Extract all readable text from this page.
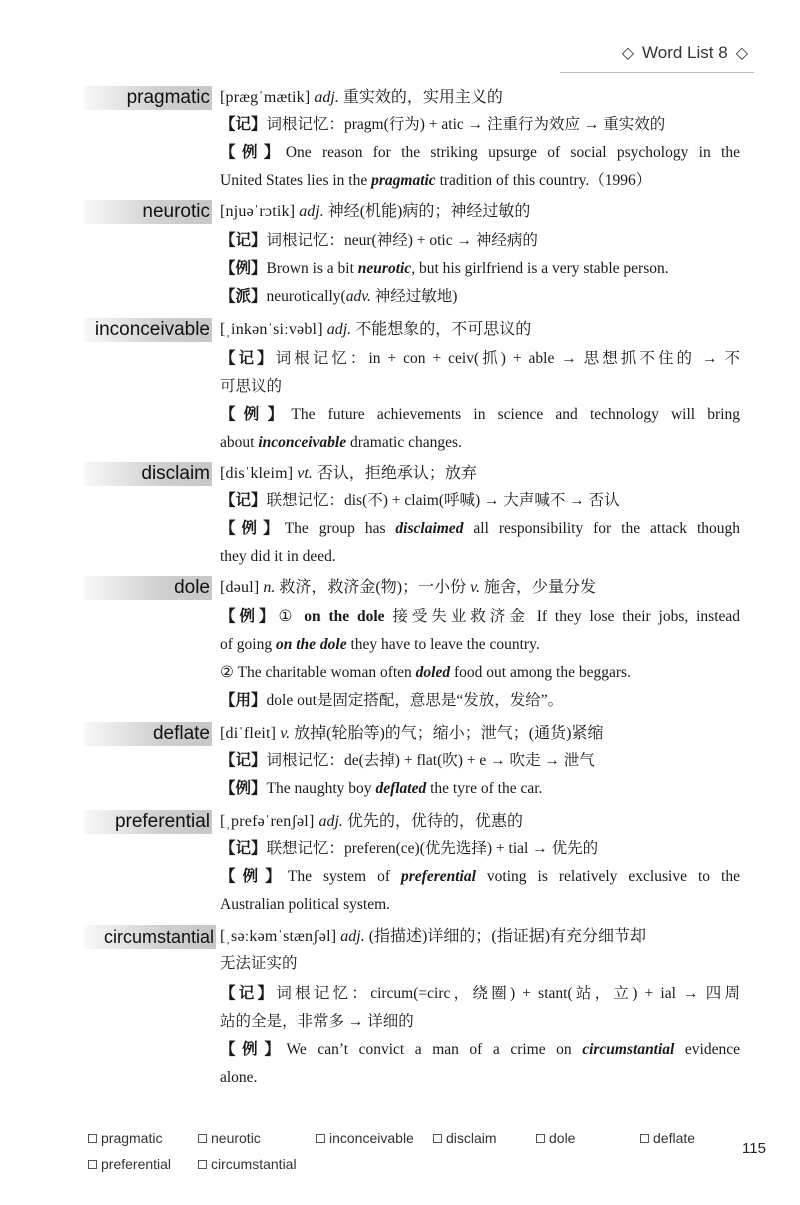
◇ Word List 8 ◇
pragmatic [prægˈmætik] adj. 重实效的，实用主义的
【记】词根记忆：pragm(行为) + atic → 注重行为效应 → 重实效的
【例】One reason for the striking upsurge of social psychology in the
United States lies in the pragmatic tradition of this country.（1996）
neurotic [njuəˈrɔtik] adj. 神经(机能)病的；神经过敏的
【记】词根记忆：neur(神经) + otic → 神经病的
【例】Brown is a bit neurotic, but his girlfriend is a very stable person.
【派】neurotically(adv. 神经过敏地)
inconceivable [ˌinkənˈsiːvəbl] adj. 不能想象的，不可思议的
【记】词根记忆：in + con + ceiv(抓) + able → 思想抓不住的 → 不
可思议的
【例】The future achievements in science and technology will bring
about inconceivable dramatic changes.
disclaim [disˈkleim] vt. 否认，拒绝承认；放弃
【记】联想记忆：dis(不) + claim(呼喊) → 大声喊不 → 否认
【例】The group has disclaimed all responsibility for the attack though
they did it in deed.
dole [dəul] n. 救济，救济金(物)；一小份 v. 施舍，少量分发
【例】① on the dole 接受失业救济金 If they lose their jobs, instead
of going on the dole they have to leave the country.
② The charitable woman often doled food out among the beggars.
【用】dole out是固定搭配，意思是“发放，发给”。
deflate [diˈfleit] v. 放掉(轮胎等)的气；缩小；泄气；(通货)紧缩
【记】词根记忆：de(去掉) + flat(吹) + e → 吹走 → 泄气
【例】The naughty boy deflated the tyre of the car.
preferential [ˌprefəˈrenʃəl] adj. 优先的，优待的，优惠的
【记】联想记忆：preferen(ce)(优先选择) + tial → 优先的
【例】The system of preferential voting is relatively exclusive to the
Australian political system.
circumstantial [ˌsəːkəmˈstænʃəl] adj. (指描述)详细的；(指证据)有充分细节却
无法证实的
【记】词根记忆：circum(=circ，绕圈) + stant(站，立) + ial → 四周
站的全是，非常多 → 详细的
【例】We can’t convict a man of a crime on circumstantial evidence
alone.
pragmatic	neurotic	inconceivable	disclaim	dole	deflate
preferential	circumstantial
115
